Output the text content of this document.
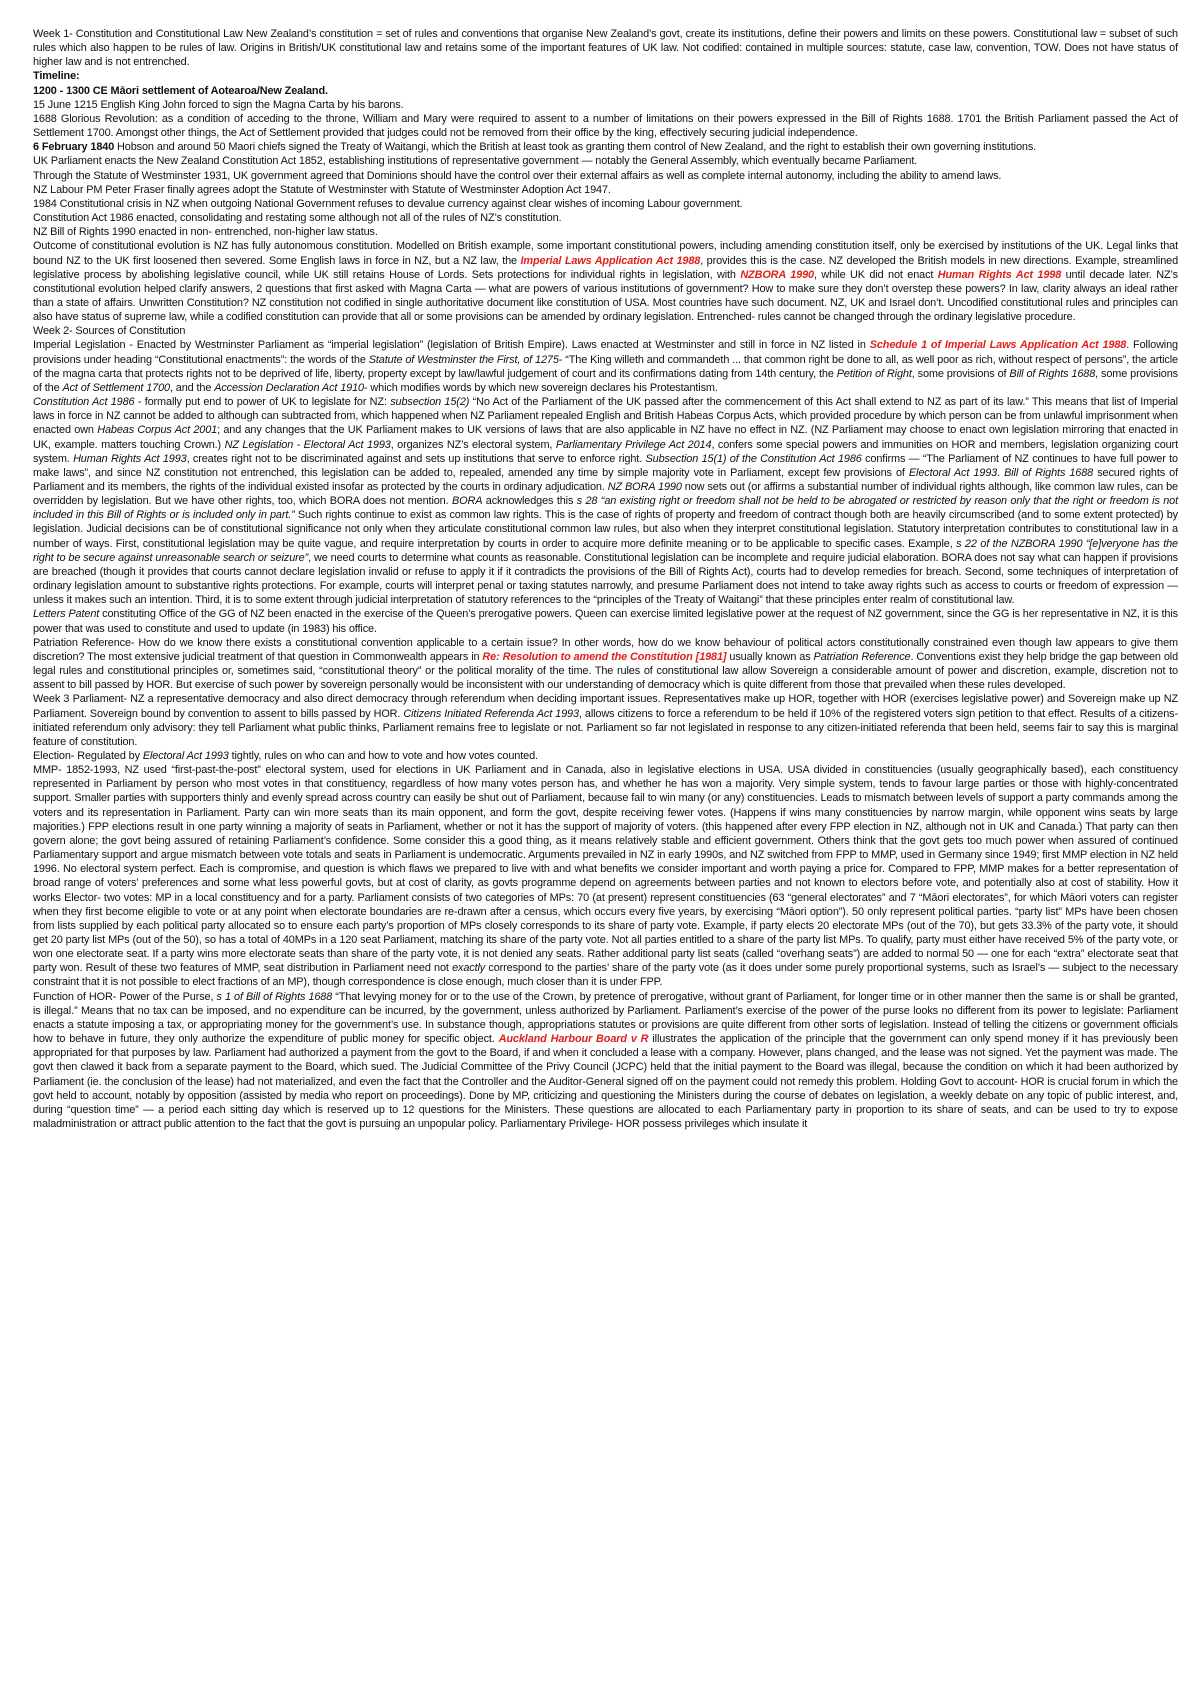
Week 1- Constitution and Constitutional Law New Zealand’s constitution = set of rules and conventions that organise New Zealand’s govt, create its institutions, define their powers and limits on these powers. Constitutional law = subset of such rules which also happen to be rules of law. Origins in British/UK constitutional law and retains some of the important features of UK law. Not codified: contained in multiple sources: statute, case law, convention, TOW. Does not have status of higher law and is not entrenched.
Timeline:
1200 - 1300 CE Māori settlement of Aotearoa/New Zealand.
15 June 1215 English King John forced to sign the Magna Carta by his barons.
1688 Glorious Revolution: as a condition of acceding to the throne, William and Mary were required to assent to a number of limitations on their powers expressed in the Bill of Rights 1688. 1701 the British Parliament passed the Act of Settlement 1700. Amongst other things, the Act of Settlement provided that judges could not be removed from their office by the king, effectively securing judicial independence.
6 February 1840 Hobson and around 50 Maori chiefs signed the Treaty of Waitangi, which the British at least took as granting them control of New Zealand, and the right to establish their own governing institutions.
UK Parliament enacts the New Zealand Constitution Act 1852, establishing institutions of representative government — notably the General Assembly, which eventually became Parliament.
Through the Statute of Westminster 1931, UK government agreed that Dominions should have the control over their external affairs as well as complete internal autonomy, including the ability to amend laws.
NZ Labour PM Peter Fraser finally agrees adopt the Statute of Westminster with Statute of Westminster Adoption Act 1947.
1984 Constitutional crisis in NZ when outgoing National Government refuses to devalue currency against clear wishes of incoming Labour government.
Constitution Act 1986 enacted, consolidating and restating some although not all of the rules of NZ’s constitution.
NZ Bill of Rights 1990 enacted in non- entrenched, non-higher law status.
Outcome of constitutional evolution is NZ has fully autonomous constitution. Modelled on British example, some important constitutional powers, including amending constitution itself, only be exercised by institutions of the UK. Legal links that bound NZ to the UK first loosened then severed. Some English laws in force in NZ, but a NZ law, the Imperial Laws Application Act 1988, provides this is the case. NZ developed the British models in new directions. Example, streamlined legislative process by abolishing legislative council, while UK still retains House of Lords. Sets protections for individual rights in legislation, with NZBORA 1990, while UK did not enact Human Rights Act 1998 until decade later. NZ’s constitutional evolution helped clarify answers, 2 questions that first asked with Magna Carta — what are powers of various institutions of government? How to make sure they don’t overstep these powers? In law, clarity always an ideal rather than a state of affairs. Unwritten Constitution? NZ constitution not codified in single authoritative document like constitution of USA. Most countries have such document. NZ, UK and Israel don’t. Uncodified constitutional rules and principles can also have status of supreme law, while a codified constitution can provide that all or some provisions can be amended by ordinary legislation. Entrenched- rules cannot be changed through the ordinary legislative procedure.
Week 2- Sources of Constitution
Imperial Legislation - Enacted by Westminster Parliament as “imperial legislation” (legislation of British Empire). Laws enacted at Westminster and still in force in NZ listed in Schedule 1 of Imperial Laws Application Act 1988. Following provisions under heading “Constitutional enactments”: the words of the Statute of Westminster the First, of 1275- “The King willeth and commandeth ... that common right be done to all, as well poor as rich, without respect of persons”, the article of the magna carta that protects rights not to be deprived of life, liberty, property except by law/lawful judgement of court and its confirmations dating from 14th century, the Petition of Right, some provisions of Bill of Rights 1688, some provisions of the Act of Settlement 1700, and the Accession Declaration Act 1910- which modifies words by which new sovereign declares his Protestantism.
Constitution Act 1986 - formally put end to power of UK to legislate for NZ: subsection 15(2) “No Act of the Parliament of the UK passed after the commencement of this Act shall extend to NZ as part of its law.” This means that list of Imperial laws in force in NZ cannot be added to although can subtracted from, which happened when NZ Parliament repealed English and British Habeas Corpus Acts, which provided procedure by which person can be from unlawful imprisonment when enacted own Habeas Corpus Act 2001; and any changes that the UK Parliament makes to UK versions of laws that are also applicable in NZ have no effect in NZ. (NZ Parliament may choose to enact own legislation mirroring that enacted in UK, example. matters touching Crown.) NZ Legislation - Electoral Act 1993, organizes NZ’s electoral system, Parliamentary Privilege Act 2014, confers some special powers and immunities on HOR and members, legislation organizing court system. Human Rights Act 1993, creates right not to be discriminated against and sets up institutions that serve to enforce right. Subsection 15(1) of the Constitution Act 1986 confirms — “The Parliament of NZ continues to have full power to make laws”, and since NZ constitution not entrenched, this legislation can be added to, repealed, amended any time by simple majority vote in Parliament, except few provisions of Electoral Act 1993. Bill of Rights 1688 secured rights of Parliament and its members, the rights of the individual existed insofar as protected by the courts in ordinary adjudication. NZ BORA 1990 now sets out (or affirms a substantial number of individual rights although, like common law rules, can be overridden by legislation. But we have other rights, too, which BORA does not mention. BORA acknowledges this s 28 “an existing right or freedom shall not be held to be abrogated or restricted by reason only that the right or freedom is not included in this Bill of Rights or is included only in part.” Such rights continue to exist as common law rights. This is the case of rights of property and freedom of contract though both are heavily circumscribed (and to some extent protected) by legislation. Judicial decisions can be of constitutional significance not only when they articulate constitutional common law rules, but also when they interpret constitutional legislation. Statutory interpretation contributes to constitutional law in a number of ways. First, constitutional legislation may be quite vague, and require interpretation by courts in order to acquire more definite meaning or to be applicable to specific cases. Example, s 22 of the NZBORA 1990 “[e]veryone has the right to be secure against unreasonable search or seizure”, we need courts to determine what counts as reasonable. Constitutional legislation can be incomplete and require judicial elaboration. BORA does not say what can happen if provisions are breached (though it provides that courts cannot declare legislation invalid or refuse to apply it if it contradicts the provisions of the Bill of Rights Act), courts had to develop remedies for breach. Second, some techniques of interpretation of ordinary legislation amount to substantive rights protections. For example, courts will interpret penal or taxing statutes narrowly, and presume Parliament does not intend to take away rights such as access to courts or freedom of expression — unless it makes such an intention. Third, it is to some extent through judicial interpretation of statutory references to the “principles of the Treaty of Waitangi” that these principles enter realm of constitutional law.
Letters Patent constituting Office of the GG of NZ been enacted in the exercise of the Queen’s prerogative powers. Queen can exercise limited legislative power at the request of NZ government, since the GG is her representative in NZ, it is this power that was used to constitute and used to update (in 1983) his office.
Patriation Reference- How do we know there exists a constitutional convention applicable to a certain issue? In other words, how do we know behaviour of political actors constitutionally constrained even though law appears to give them discretion? The most extensive judicial treatment of that question in Commonwealth appears in Re: Resolution to amend the Constitution [1981] usually known as Patriation Reference. Conventions exist they help bridge the gap between old legal rules and constitutional principles or, sometimes said, “constitutional theory” or the political morality of the time. The rules of constitutional law allow Sovereign a considerable amount of power and discretion, example, discretion not to assent to bill passed by HOR. But exercise of such power by sovereign personally would be inconsistent with our understanding of democracy which is quite different from those that prevailed when these rules developed.
Week 3 Parliament- NZ a representative democracy and also direct democracy through referendum when deciding important issues. Representatives make up HOR, together with HOR (exercises legislative power) and Sovereign make up NZ Parliament. Sovereign bound by convention to assent to bills passed by HOR. Citizens Initiated Referenda Act 1993, allows citizens to force a referendum to be held if 10% of the registered voters sign petition to that effect. Results of a citizens- initiated referendum only advisory: they tell Parliament what public thinks, Parliament remains free to legislate or not. Parliament so far not legislated in response to any citizen-initiated referenda that been held, seems fair to say this is marginal feature of constitution.
Election- Regulated by Electoral Act 1993 tightly, rules on who can and how to vote and how votes counted.
MMP- 1852-1993, NZ used “first-past-the-post” electoral system, used for elections in UK Parliament and in Canada, also in legislative elections in USA. USA divided in constituencies (usually geographically based), each constituency represented in Parliament by person who most votes in that constituency, regardless of how many votes person has, and whether he has won a majority. Very simple system, tends to favour large parties or those with highly-concentrated support. Smaller parties with supporters thinly and evenly spread across country can easily be shut out of Parliament, because fail to win many (or any) constituencies. Leads to mismatch between levels of support a party commands among the voters and its representation in Parliament. Party can win more seats than its main opponent, and form the govt, despite receiving fewer votes. (Happens if wins many constituencies by narrow margin, while opponent wins seats by large majorities.) FPP elections result in one party winning a majority of seats in Parliament, whether or not it has the support of majority of voters. (this happened after every FPP election in NZ, although not in UK and Canada.) That party can then govern alone; the govt being assured of retaining Parliament’s confidence. Some consider this a good thing, as it means relatively stable and efficient government. Others think that the govt gets too much power when assured of continued Parliamentary support and argue mismatch between vote totals and seats in Parliament is undemocratic. Arguments prevailed in NZ in early 1990s, and NZ switched from FPP to MMP, used in Germany since 1949; first MMP election in NZ held 1996. No electoral system perfect. Each is compromise, and question is which flaws we prepared to live with and what benefits we consider important and worth paying a price for. Compared to FPP, MMP makes for a better representation of broad range of voters’ preferences and some what less powerful govts, but at cost of clarity, as govts programme depend on agreements between parties and not known to electors before vote, and potentially also at cost of stability. How it works Elector- two votes: MP in a local constituency and for a party. Parliament consists of two categories of MPs: 70 (at present) represent constituencies (63 “general electorates” and 7 “Māori electorates”, for which Māori voters can register when they first become eligible to vote or at any point when electorate boundaries are re-drawn after a census, which occurs every five years, by exercising “Māori option”). 50 only represent political parties. “party list” MPs have been chosen from lists supplied by each political party allocated so to ensure each party’s proportion of MPs closely corresponds to its share of party vote. Example, if party elects 20 electorate MPs (out of the 70), but gets 33.3% of the party vote, it should get 20 party list MPs (out of the 50), so has a total of 40MPs in a 120 seat Parliament, matching its share of the party vote. Not all parties entitled to a share of the party list MPs. To qualify, party must either have received 5% of the party vote, or won one electorate seat. If a party wins more electorate seats than share of the party vote, it is not denied any seats. Rather additional party list seats (called “overhang seats”) are added to normal 50 — one for each “extra” electorate seat that party won. Result of these two features of MMP, seat distribution in Parliament need not exactly correspond to the parties’ share of the party vote (as it does under some purely proportional systems, such as Israel’s — subject to the necessary constraint that it is not possible to elect fractions of an MP), though correspondence is close enough, much closer than it is under FPP.
Function of HOR- Power of the Purse, s 1 of Bill of Rights 1688 “That levying money for or to the use of the Crown, by pretence of prerogative, without grant of Parliament, for longer time or in other manner then the same is or shall be granted, is illegal.” Means that no tax can be imposed, and no expenditure can be incurred, by the government, unless authorized by Parliament. Parliament’s exercise of the power of the purse looks no different from its power to legislate: Parliament enacts a statute imposing a tax, or appropriating money for the government’s use. In substance though, appropriations statutes or provisions are quite different from other sorts of legislation. Instead of telling the citizens or government officials how to behave in future, they only authorize the expenditure of public money for specific object. Auckland Harbour Board v R illustrates the application of the principle that the government can only spend money if it has previously been appropriated for that purposes by law. Parliament had authorized a payment from the govt to the Board, if and when it concluded a lease with a company. However, plans changed, and the lease was not signed. Yet the payment was made. The govt then clawed it back from a separate payment to the Board, which sued. The Judicial Committee of the Privy Council (JCPC) held that the initial payment to the Board was illegal, because the condition on which it had been authorized by Parliament (ie. the conclusion of the lease) had not materialized, and even the fact that the Controller and the Auditor-General signed off on the payment could not remedy this problem. Holding Govt to account- HOR is crucial forum in which the govt held to account, notably by opposition (assisted by media who report on proceedings). Done by MP, criticizing and questioning the Ministers during the course of debates on legislation, a weekly debate on any topic of public interest, and, during “question time” — a period each sitting day which is reserved up to 12 questions for the Ministers. These questions are allocated to each Parliamentary party in proportion to its share of seats, and can be used to try to expose maladministration or attract public attention to the fact that the govt is pursuing an unpopular policy. Parliamentary Privilege- HOR possess privileges which insulate it
